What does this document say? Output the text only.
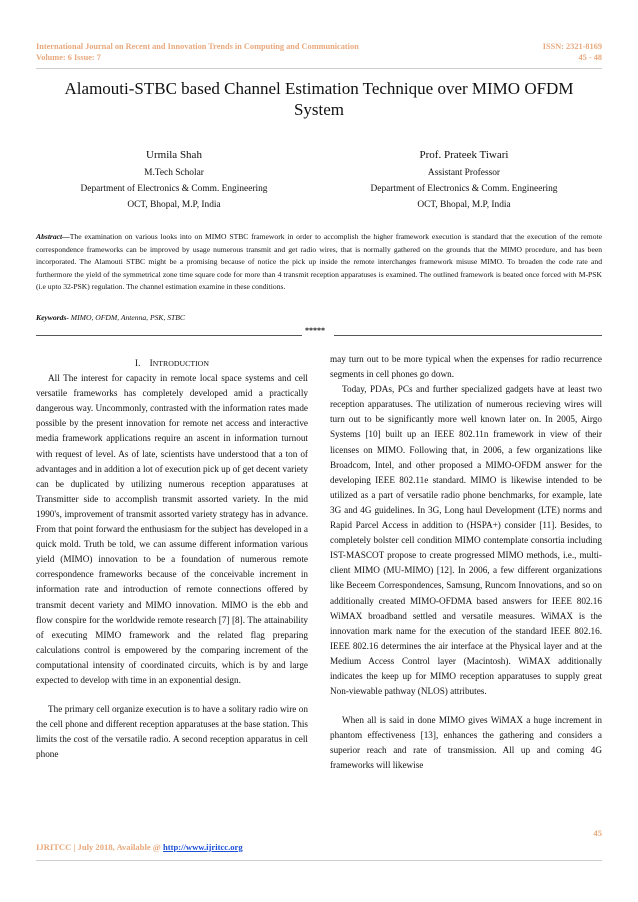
International Journal on Recent and Innovation Trends in Computing and Communication
Volume: 6 Issue: 7
ISSN: 2321-8169
45 - 48
Alamouti-STBC based Channel Estimation Technique over MIMO OFDM System
Urmila Shah
M.Tech Scholar
Department of Electronics & Comm. Engineering
OCT, Bhopal, M.P, India
Prof. Prateek Tiwari
Assistant Professor
Department of Electronics & Comm. Engineering
OCT, Bhopal, M.P, India

Abstract—The examination on various looks into on MIMO STBC framework in order to accomplish the higher framework execution is standard that the execution of the remote correspondence frameworks can be improved by usage numerous transmit and get radio wires, that is normally gathered on the grounds that the MIMO procedure, and has been incorporated. The Alamouti STBC might be a promising because of notice the pick up inside the remote interchanges framework misuse MIMO. To broaden the code rate and furthermore the yield of the symmetrical zone time square code for more than 4 transmit reception apparatuses is examined. The outlined framework is beated once forced with M-PSK (i.e upto 32-PSK) regulation. The channel estimation examine in these conditions.

Keywords- MIMO, OFDM, Antenna, PSK, STBC

*****

I. INTRODUCTION

All The interest for capacity in remote local space systems and cell versatile frameworks has completely developed amid a practically dangerous way. Uncommonly, contrasted with the information rates made possible by the present innovation for remote net access and interactive media framework applications require an ascent in information turnout with request of level. As of late, scientists have understood that a ton of advantages and in addition a lot of execution pick up of get decent variety can be duplicated by utilizing numerous reception apparatuses at Transmitter side to accomplish transmit assorted variety. In the mid 1990's, improvement of transmit assorted variety strategy has in advance. From that point forward the enthusiasm for the subject has developed in a quick mold. Truth be told, we can assume different information various yield (MIMO) innovation to be a foundation of numerous remote correspondence frameworks because of the conceivable increment in information rate and introduction of remote connections offered by transmit decent variety and MIMO innovation. MIMO is the ebb and flow conspire for the worldwide remote research [7] [8]. The attainability of executing MIMO framework and the related flag preparing calculations control is empowered by the comparing increment of the computational intensity of coordinated circuits, which is by and large expected to develop with time in an exponential design.

The primary cell organize execution is to have a solitary radio wire on the cell phone and different reception apparatuses at the base station. This limits the cost of the versatile radio. A second reception apparatus in cell phone

may turn out to be more typical when the expenses for radio recurrence segments in cell phones go down.

Today, PDAs, PCs and further specialized gadgets have at least two reception apparatuses. The utilization of numerous recieving wires will turn out to be significantly more well known later on. In 2005, Airgo Systems [10] built up an IEEE 802.11n framework in view of their licenses on MIMO. Following that, in 2006, a few organizations like Broadcom, Intel, and other proposed a MIMO-OFDM answer for the developing IEEE 802.11e standard. MIMO is likewise intended to be utilized as a part of versatile radio phone benchmarks, for example, late 3G and 4G guidelines. In 3G, Long haul Development (LTE) norms and Rapid Parcel Access in addition to (HSPA+) consider [11]. Besides, to completely bolster cell condition MIMO contemplate consortia including IST-MASCOT propose to create progressed MIMO methods, i.e., multi-client MIMO (MU-MIMO) [12]. In 2006, a few different organizations like Beceem Correspondences, Samsung, Runcom Innovations, and so on additionally created MIMO-OFDMA based answers for IEEE 802.16 WiMAX broadband settled and versatile measures. WiMAX is the innovation mark name for the execution of the standard IEEE 802.16. IEEE 802.16 determines the air interface at the Physical layer and at the Medium Access Control layer (Macintosh). WiMAX additionally indicates the keep up for MIMO reception apparatuses to supply great Non-viewable pathway (NLOS) attributes.

When all is said in done MIMO gives WiMAX a huge increment in phantom effectiveness [13], enhances the gathering and considers a superior reach and rate of transmission. All up and coming 4G frameworks will likewise

45
IJRITCC | July 2018, Available @ http://www.ijritcc.org
